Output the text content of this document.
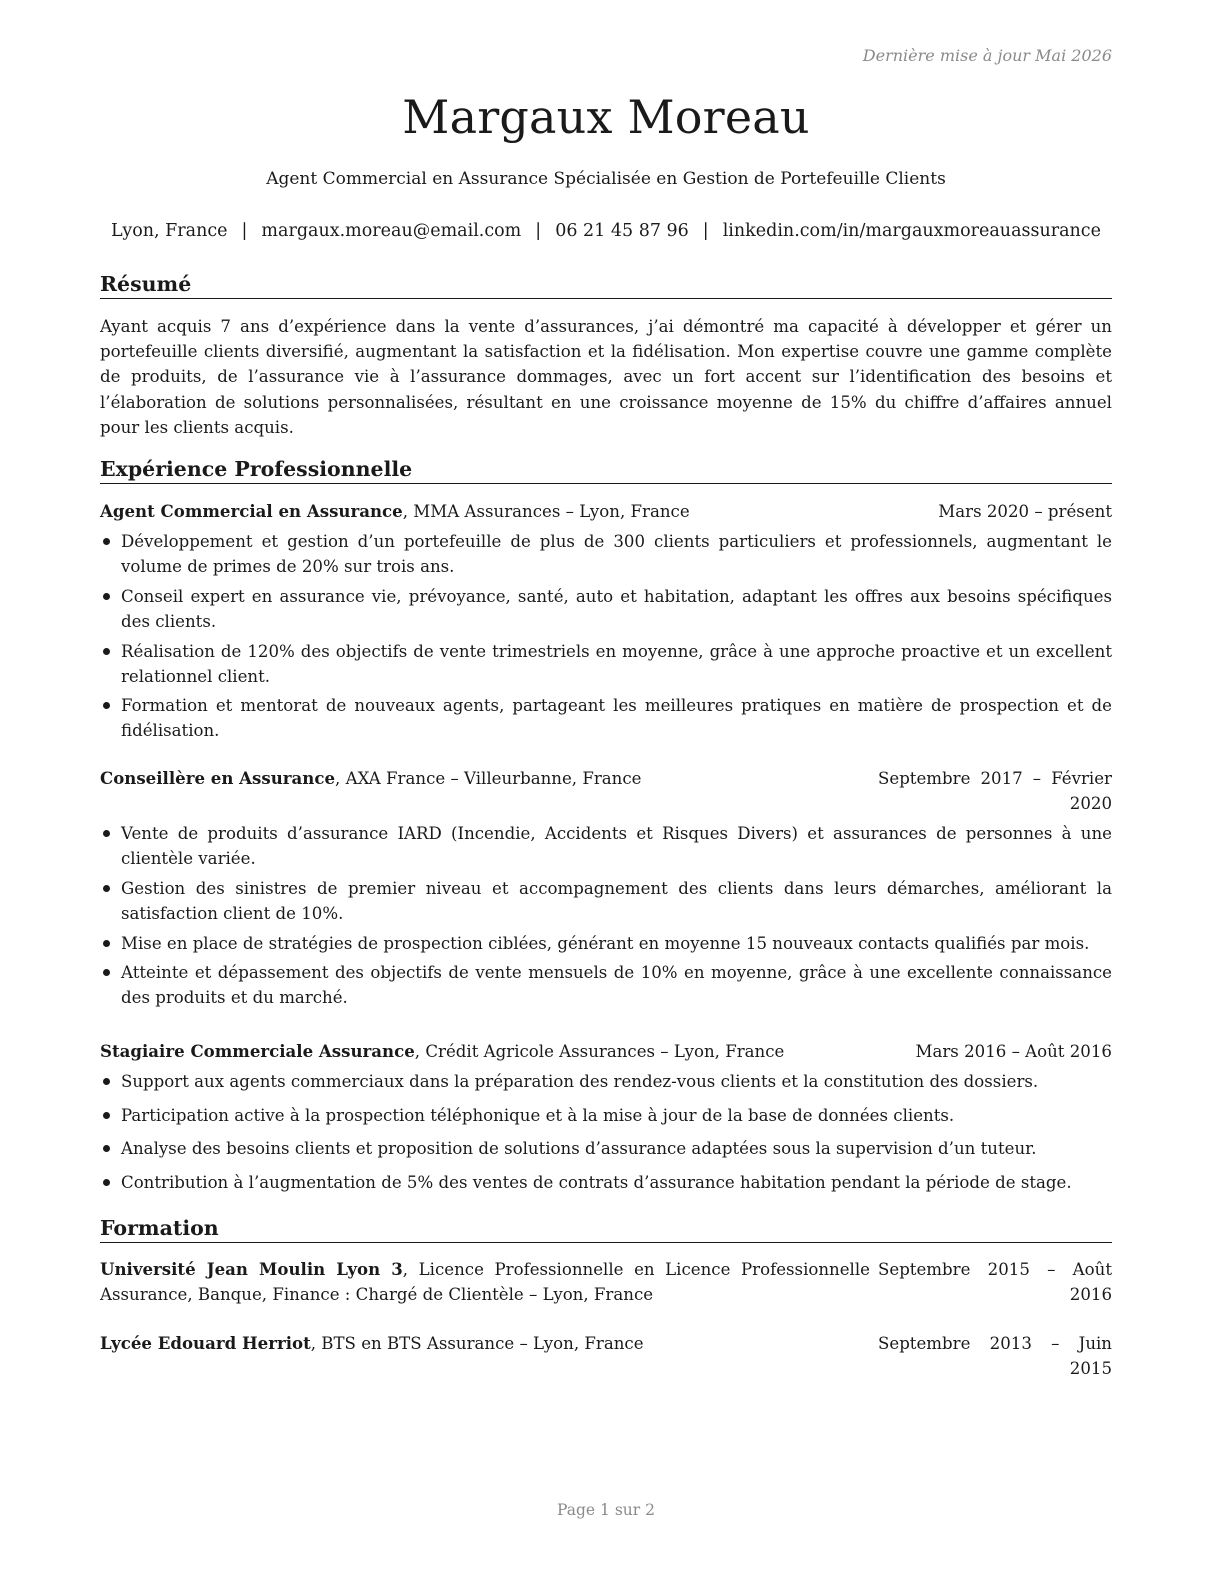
Dernière mise à jour Mai 2026
Margaux Moreau
Agent Commercial en Assurance Spécialisée en Gestion de Portefeuille Clients
Lyon, France | margaux.moreau@email.com | 06 21 45 87 96 | linkedin.com/in/margauxmoreauassurance
Résumé
Ayant acquis 7 ans d’expérience dans la vente d’assurances, j’ai démontré ma capacité à développer et gérer un portefeuille clients diversifié, augmentant la satisfaction et la fidélisation. Mon expertise couvre une gamme complète de produits, de l’assurance vie à l’assurance dommages, avec un fort accent sur l’identification des besoins et l’élaboration de solutions personnalisées, résultant en une croissance moyenne de 15% du chiffre d’affaires annuel pour les clients acquis.
Expérience Professionnelle
Agent Commercial en Assurance, MMA Assurances – Lyon, France	Mars 2020 – présent
Développement et gestion d’un portefeuille de plus de 300 clients particuliers et professionnels, augmentant le volume de primes de 20% sur trois ans.
Conseil expert en assurance vie, prévoyance, santé, auto et habitation, adaptant les offres aux besoins spécifiques des clients.
Réalisation de 120% des objectifs de vente trimestriels en moyenne, grâce à une approche proactive et un excellent relationnel client.
Formation et mentorat de nouveaux agents, partageant les meilleures pratiques en matière de prospection et de fidélisation.
Conseillère en Assurance, AXA France – Villeurbanne, France	Septembre 2017 – Février 2020
Vente de produits d’assurance IARD (Incendie, Accidents et Risques Divers) et assurances de personnes à une clientèle variée.
Gestion des sinistres de premier niveau et accompagnement des clients dans leurs démarches, améliorant la satisfaction client de 10%.
Mise en place de stratégies de prospection ciblées, générant en moyenne 15 nouveaux contacts qualifiés par mois.
Atteinte et dépassement des objectifs de vente mensuels de 10% en moyenne, grâce à une excellente connaissance des produits et du marché.
Stagiaire Commerciale Assurance, Crédit Agricole Assurances – Lyon, France	Mars 2016 – Août 2016
Support aux agents commerciaux dans la préparation des rendez-vous clients et la constitution des dossiers.
Participation active à la prospection téléphonique et à la mise à jour de la base de données clients.
Analyse des besoins clients et proposition de solutions d’assurance adaptées sous la supervision d’un tuteur.
Contribution à l’augmentation de 5% des ventes de contrats d’assurance habitation pendant la période de stage.
Formation
Université Jean Moulin Lyon 3, Licence Professionnelle en Licence Professionnelle Assurance, Banque, Finance : Chargé de Clientèle – Lyon, France
Septembre 2015 – Août 2016
Lycée Edouard Herriot, BTS en BTS Assurance – Lyon, France	Septembre 2013 – Juin 2015
Page 1 sur 2
